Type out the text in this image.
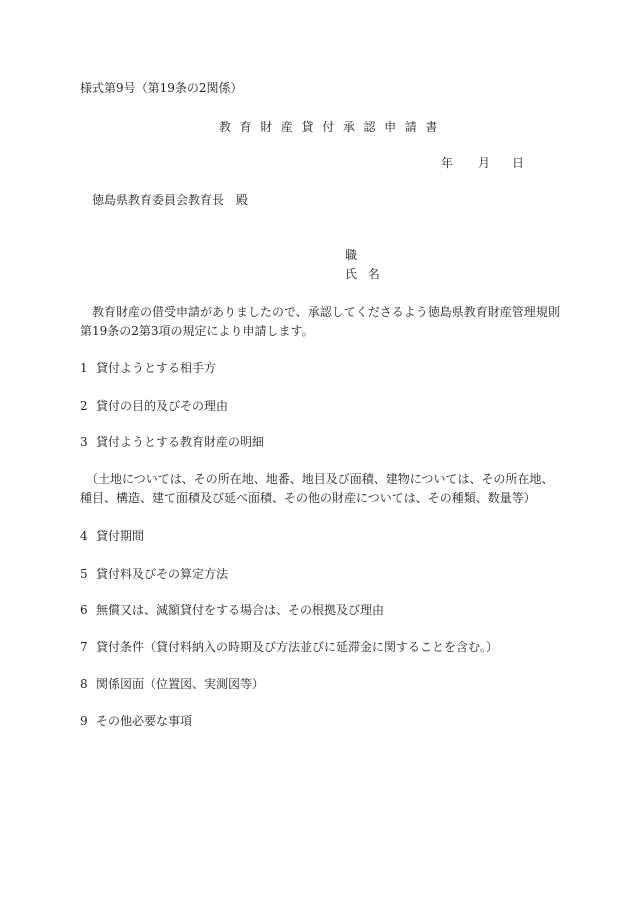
様式第9号（第19条の2関係）
教育財産貸付承認申請書
年 月 日
徳島県教育委員会教育長　殿
職
氏名
教育財産の借受申請がありましたので、承認してくださるよう徳島県教育財産管理規則
第19条の2第3項の規定により申請します。
1 貸付ようとする相手方
2 貸付の目的及びその理由
3 貸付ようとする教育財産の明細
（土地については、その所在地、地番、地目及び面積、建物については、その所在地、
種目、構造、建て面積及び延べ面積、その他の財産については、その種類、数量等）
4 貸付期間
5 貸付料及びその算定方法
6 無償又は、減額貸付をする場合は、その根拠及び理由
7 貸付条件（貸付料納入の時期及び方法並びに延滞金に関することを含む。）
8 関係図面（位置図、実測図等）
9 その他必要な事項
